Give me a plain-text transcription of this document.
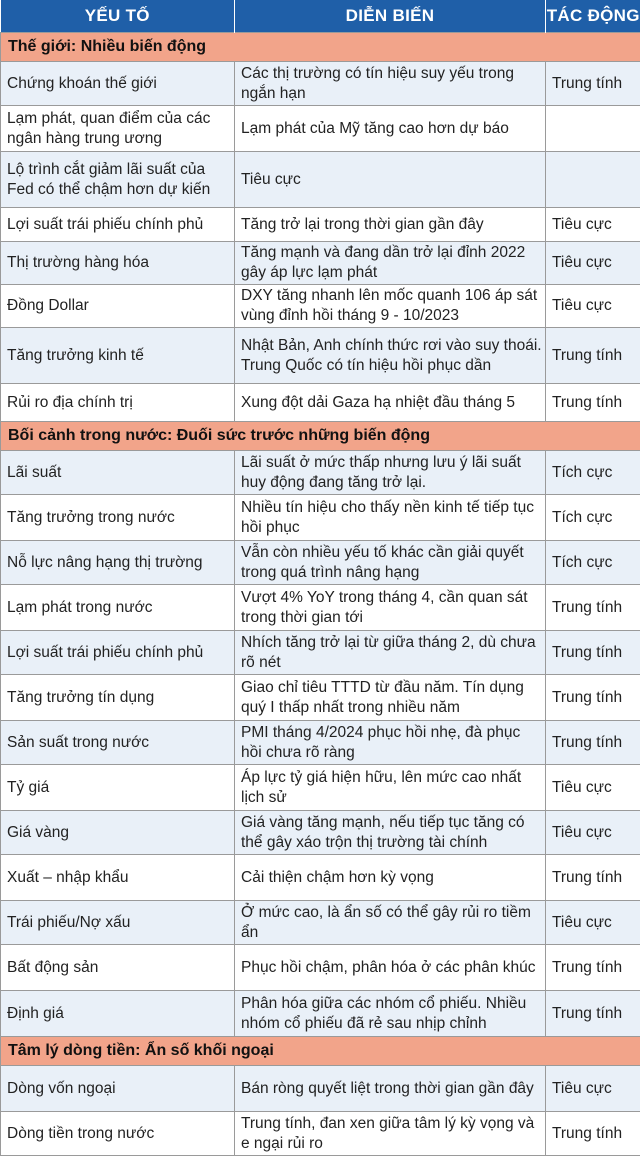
YẾU TỐ	DIỄN BIẾN	TÁC ĐỘNG
Thế giới: Nhiều biến động		
Chứng khoán thế giới	Các thị trường có tín hiệu suy yếu trong ngắn hạn	Trung tính
Lạm phát, quan điểm của các ngân hàng trung ương	Lạm phát của Mỹ tăng cao hơn dự báo	
Lộ trình cắt giảm lãi suất của Fed có thể chậm hơn dự kiến	Tiêu cực	
Lợi suất trái phiếu chính phủ	Tăng trở lại trong thời gian gần đây	Tiêu cực
Thị trường hàng hóa	Tăng mạnh và đang dần trở lại đỉnh 2022 gây áp lực lạm phát	Tiêu cực
Đồng Dollar	DXY tăng nhanh lên mốc quanh 106 áp sát vùng đỉnh hồi tháng 9 - 10/2023	Tiêu cực
Tăng trưởng kinh tế	Nhật Bản, Anh chính thức rơi vào suy thoái. Trung Quốc có tín hiệu hồi phục dần	Trung tính
Rủi ro địa chính trị	Xung đột dải Gaza hạ nhiệt đầu tháng 5	Trung tính
Bối cảnh trong nước: Đuối sức trước những biến động		
Lãi suất	Lãi suất ở mức thấp nhưng lưu ý lãi suất huy động đang tăng trở lại.	Tích cực
Tăng trưởng trong nước	Nhiều tín hiệu cho thấy nền kinh tế tiếp tục hồi phục	Tích cực
Nỗ lực nâng hạng thị trường	Vẫn còn nhiều yếu tố khác cần giải quyết trong quá trình nâng hạng	Tích cực
Lạm phát trong nước	Vượt 4% YoY trong tháng 4, cần quan sát trong thời gian tới	Trung tính
Lợi suất trái phiếu chính phủ	Nhích tăng trở lại từ giữa tháng 2, dù chưa rõ nét	Trung tính
Tăng trưởng tín dụng	Giao chỉ tiêu TTTD từ đầu năm. Tín dụng quý I thấp nhất trong nhiều năm	Trung tính
Sản suất trong nước	PMI tháng 4/2024 phục hồi nhẹ, đà phục hồi chưa rõ ràng	Trung tính
Tỷ giá	Áp lực tỷ giá hiện hữu, lên mức cao nhất lịch sử	Tiêu cực
Giá vàng	Giá vàng tăng mạnh, nếu tiếp tục tăng có thể gây xáo trộn thị trường tài chính	Tiêu cực
Xuất – nhập khẩu	Cải thiện chậm hơn kỳ vọng	Trung tính
Trái phiếu/Nợ xấu	Ở mức cao, là ẩn số có thể gây rủi ro tiềm ẩn	Tiêu cực
Bất động sản	Phục hồi chậm, phân hóa ở các phân khúc	Trung tính
Định giá	Phân hóa giữa các nhóm cổ phiếu. Nhiều nhóm cổ phiếu đã rẻ sau nhịp chỉnh	Trung tính
Tâm lý dòng tiền: Ẩn số khối ngoại		
Dòng vốn ngoại	Bán ròng quyết liệt trong thời gian gần đây	Tiêu cực
Dòng tiền trong nước	Trung tính, đan xen giữa tâm lý kỳ vọng và e ngại rủi ro	Trung tính
